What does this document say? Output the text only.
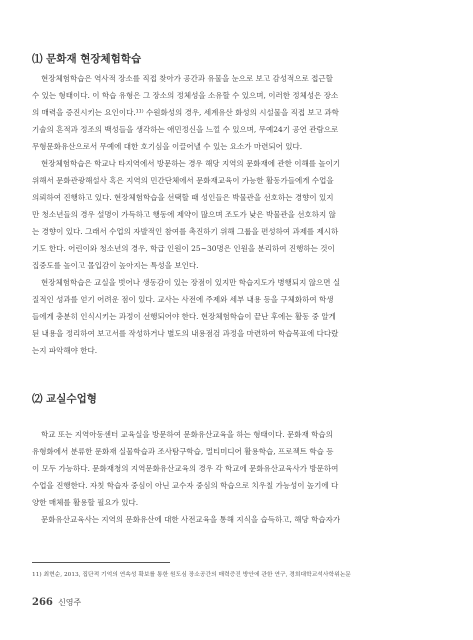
⑴ 문화재 현장체험학습
현장체험학습은 역사적 장소를 직접 찾아가 공간과 유물을 눈으로 보고 감성적으로 접근할
수 있는 형태이다. 이 학습 유형은 그 장소의 정체성을 소유할 수 있으며, 이러한 정체성은 장소
의 매력을 증진시키는 요인이다.¹¹⁾ 수원화성의 경우, 세계유산 화성의 시설물을 직접 보고 과학
기술의 흔적과 정조의 백성들을 생각하는 애민정신을 느낄 수 있으며, 무예24기 공연 관람으로
무형문화유산으로서 무예에 대한 호기심을 이끌어낼 수 있는 요소가 마련되어 있다.
현장체험학습은 학교나 타지역에서 방문하는 경우 해당 지역의 문화재에 관한 이해를 높이기
위해서 문화관광해설사 혹은 지역의 민간단체에서 문화재교육이 가능한 활동가들에게 수업을
의뢰하여 진행하고 있다. 현장체험학습을 선택할 때 성인들은 박물관을 선호하는 경향이 있지
만 청소년들의 경우 설명이 가득하고 행동에 제약이 많으며 조도가 낮은 박물관을 선호하지 않
는 경향이 있다. 그래서 수업의 자발적인 참여를 촉진하기 위해 그룹을 편성하여 과제를 제시하
기도 한다. 어린이와 청소년의 경우, 학급 인원이 25~30명은 인원을 분리하여 진행하는 것이
집중도를 높이고 몰입감이 높아지는 특성을 보인다.
현장체험학습은 교실을 벗어나 생동감이 있는 장점이 있지만 학습지도가 병행되지 않으면 실
질적인 성과를 얻기 어려운 점이 있다. 교사는 사전에 주제와 세부 내용 등을 구체화하여 학생
들에게 충분히 인식시키는 과정이 선행되어야 한다. 현장체험학습이 끝난 후에는 활동 중 알게
된 내용을 정리하여 보고서를 작성하거나 별도의 내용점검 과정을 마련하여 학습목표에 다다랐
는지 파악해야 한다.
⑵ 교실수업형
학교 또는 지역아동센터 교육실을 방문하여 문화유산교육을 하는 형태이다. 문화재 학습의
유형화에서 분류한 문화재 실물학습과 조사탐구학습, 멀티미디어 활용학습, 프로젝트 학습 등
이 모두 가능하다. 문화재청의 지역문화유산교육의 경우 각 학교에 문화유산교육사가 방문하여
수업을 진행한다. 자칫 학습자 중심이 아닌 교수자 중심의 학습으로 치우칠 가능성이 높기에 다
양한 매체를 활용할 필요가 있다.
문화유산교육사는 지역의 문화유산에 대한 사전교육을 통해 지식을 습득하고, 해당 학습자가
11) 최현순, 2013, 집단적 기억의 연속성 확보를 통한 원도심 장소공간의 매력증진 방안에 관한 연구, 경희대학교석사학위논문
266 신영주
